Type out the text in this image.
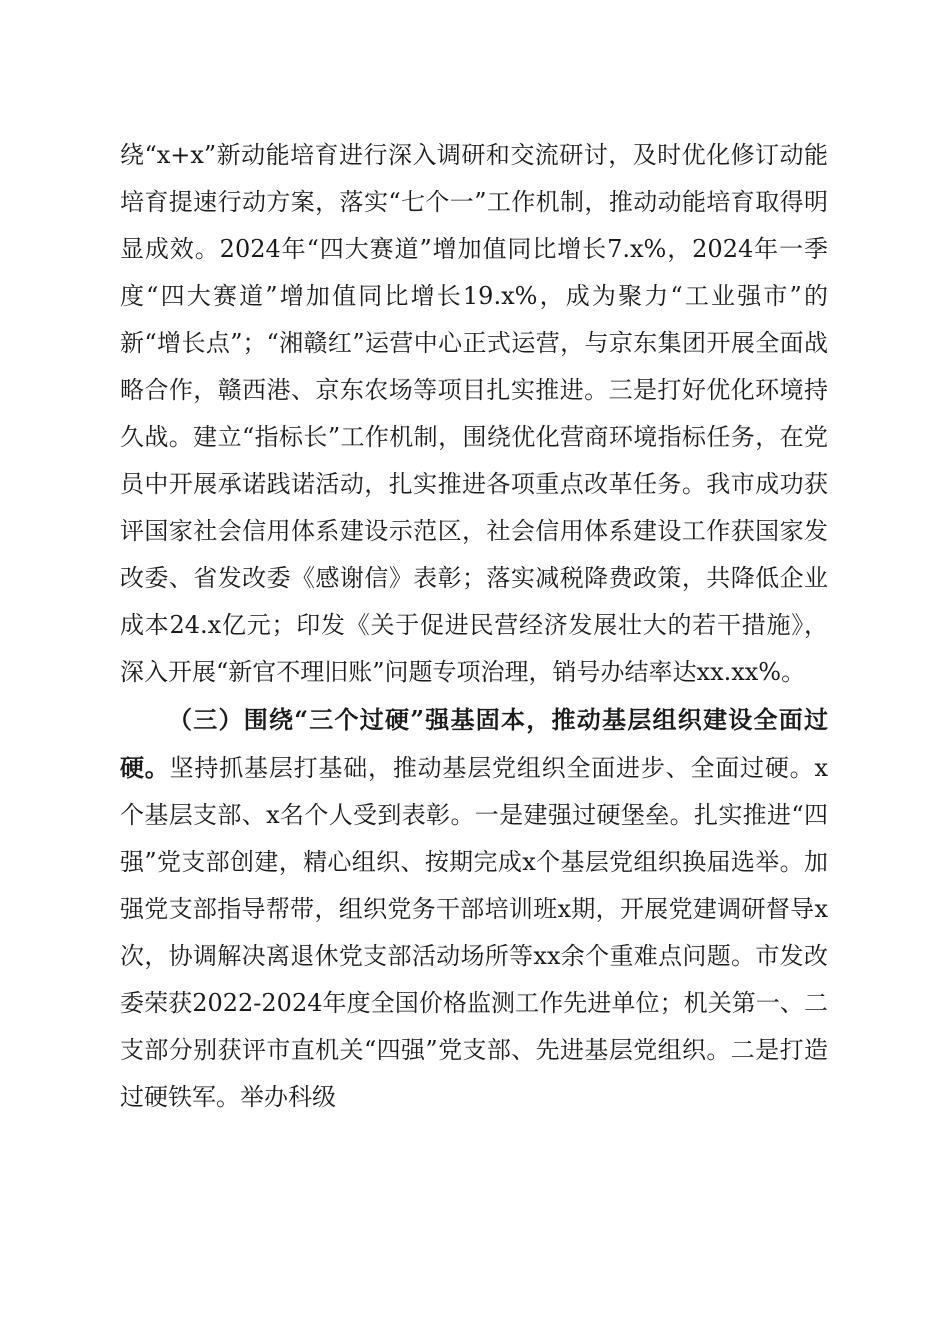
绕“x+x”新动能培育进行深入调研和交流研讨，及时优化修订动能培育提速行动方案，落实“七个一”工作机制，推动动能培育取得明显成效。2024年“四大赛道”增加值同比增长7.x%，2024年一季度“四大赛道”增加值同比增长19.x%，成为聚力“工业强市”的新“增长点”；“湘赣红”运营中心正式运营，与京东集团开展全面战略合作，赣西港、京东农场等项目扎实推进。三是打好优化环境持久战。建立“指标长”工作机制，围绕优化营商环境指标任务，在党员中开展承诺践诺活动，扎实推进各项重点改革任务。我市成功获评国家社会信用体系建设示范区，社会信用体系建设工作获国家发改委、省发改委《感谢信》表彰；落实减税降费政策，共降低企业成本24.x亿元；印发《关于促进民营经济发展壮大的若干措施》，深入开展“新官不理旧账”问题专项治理，销号办结率达xx.xx%。

（三）围绕“三个过硬”强基固本，推动基层组织建设全面过硬。坚持抓基层打基础，推动基层党组织全面进步、全面过硬。x个基层支部、x名个人受到表彰。一是建强过硬堡垒。扎实推进“四强”党支部创建，精心组织、按期完成x个基层党组织换届选举。加强党支部指导帮带，组织党务干部培训班x期，开展党建调研督导x次，协调解决离退休党支部活动场所等xx余个重难点问题。市发改委荣获2022-2024年度全国价格监测工作先进单位；机关第一、二支部分别获评市直机关“四强”党支部、先进基层党组织。二是打造过硬铁军。举办科级
